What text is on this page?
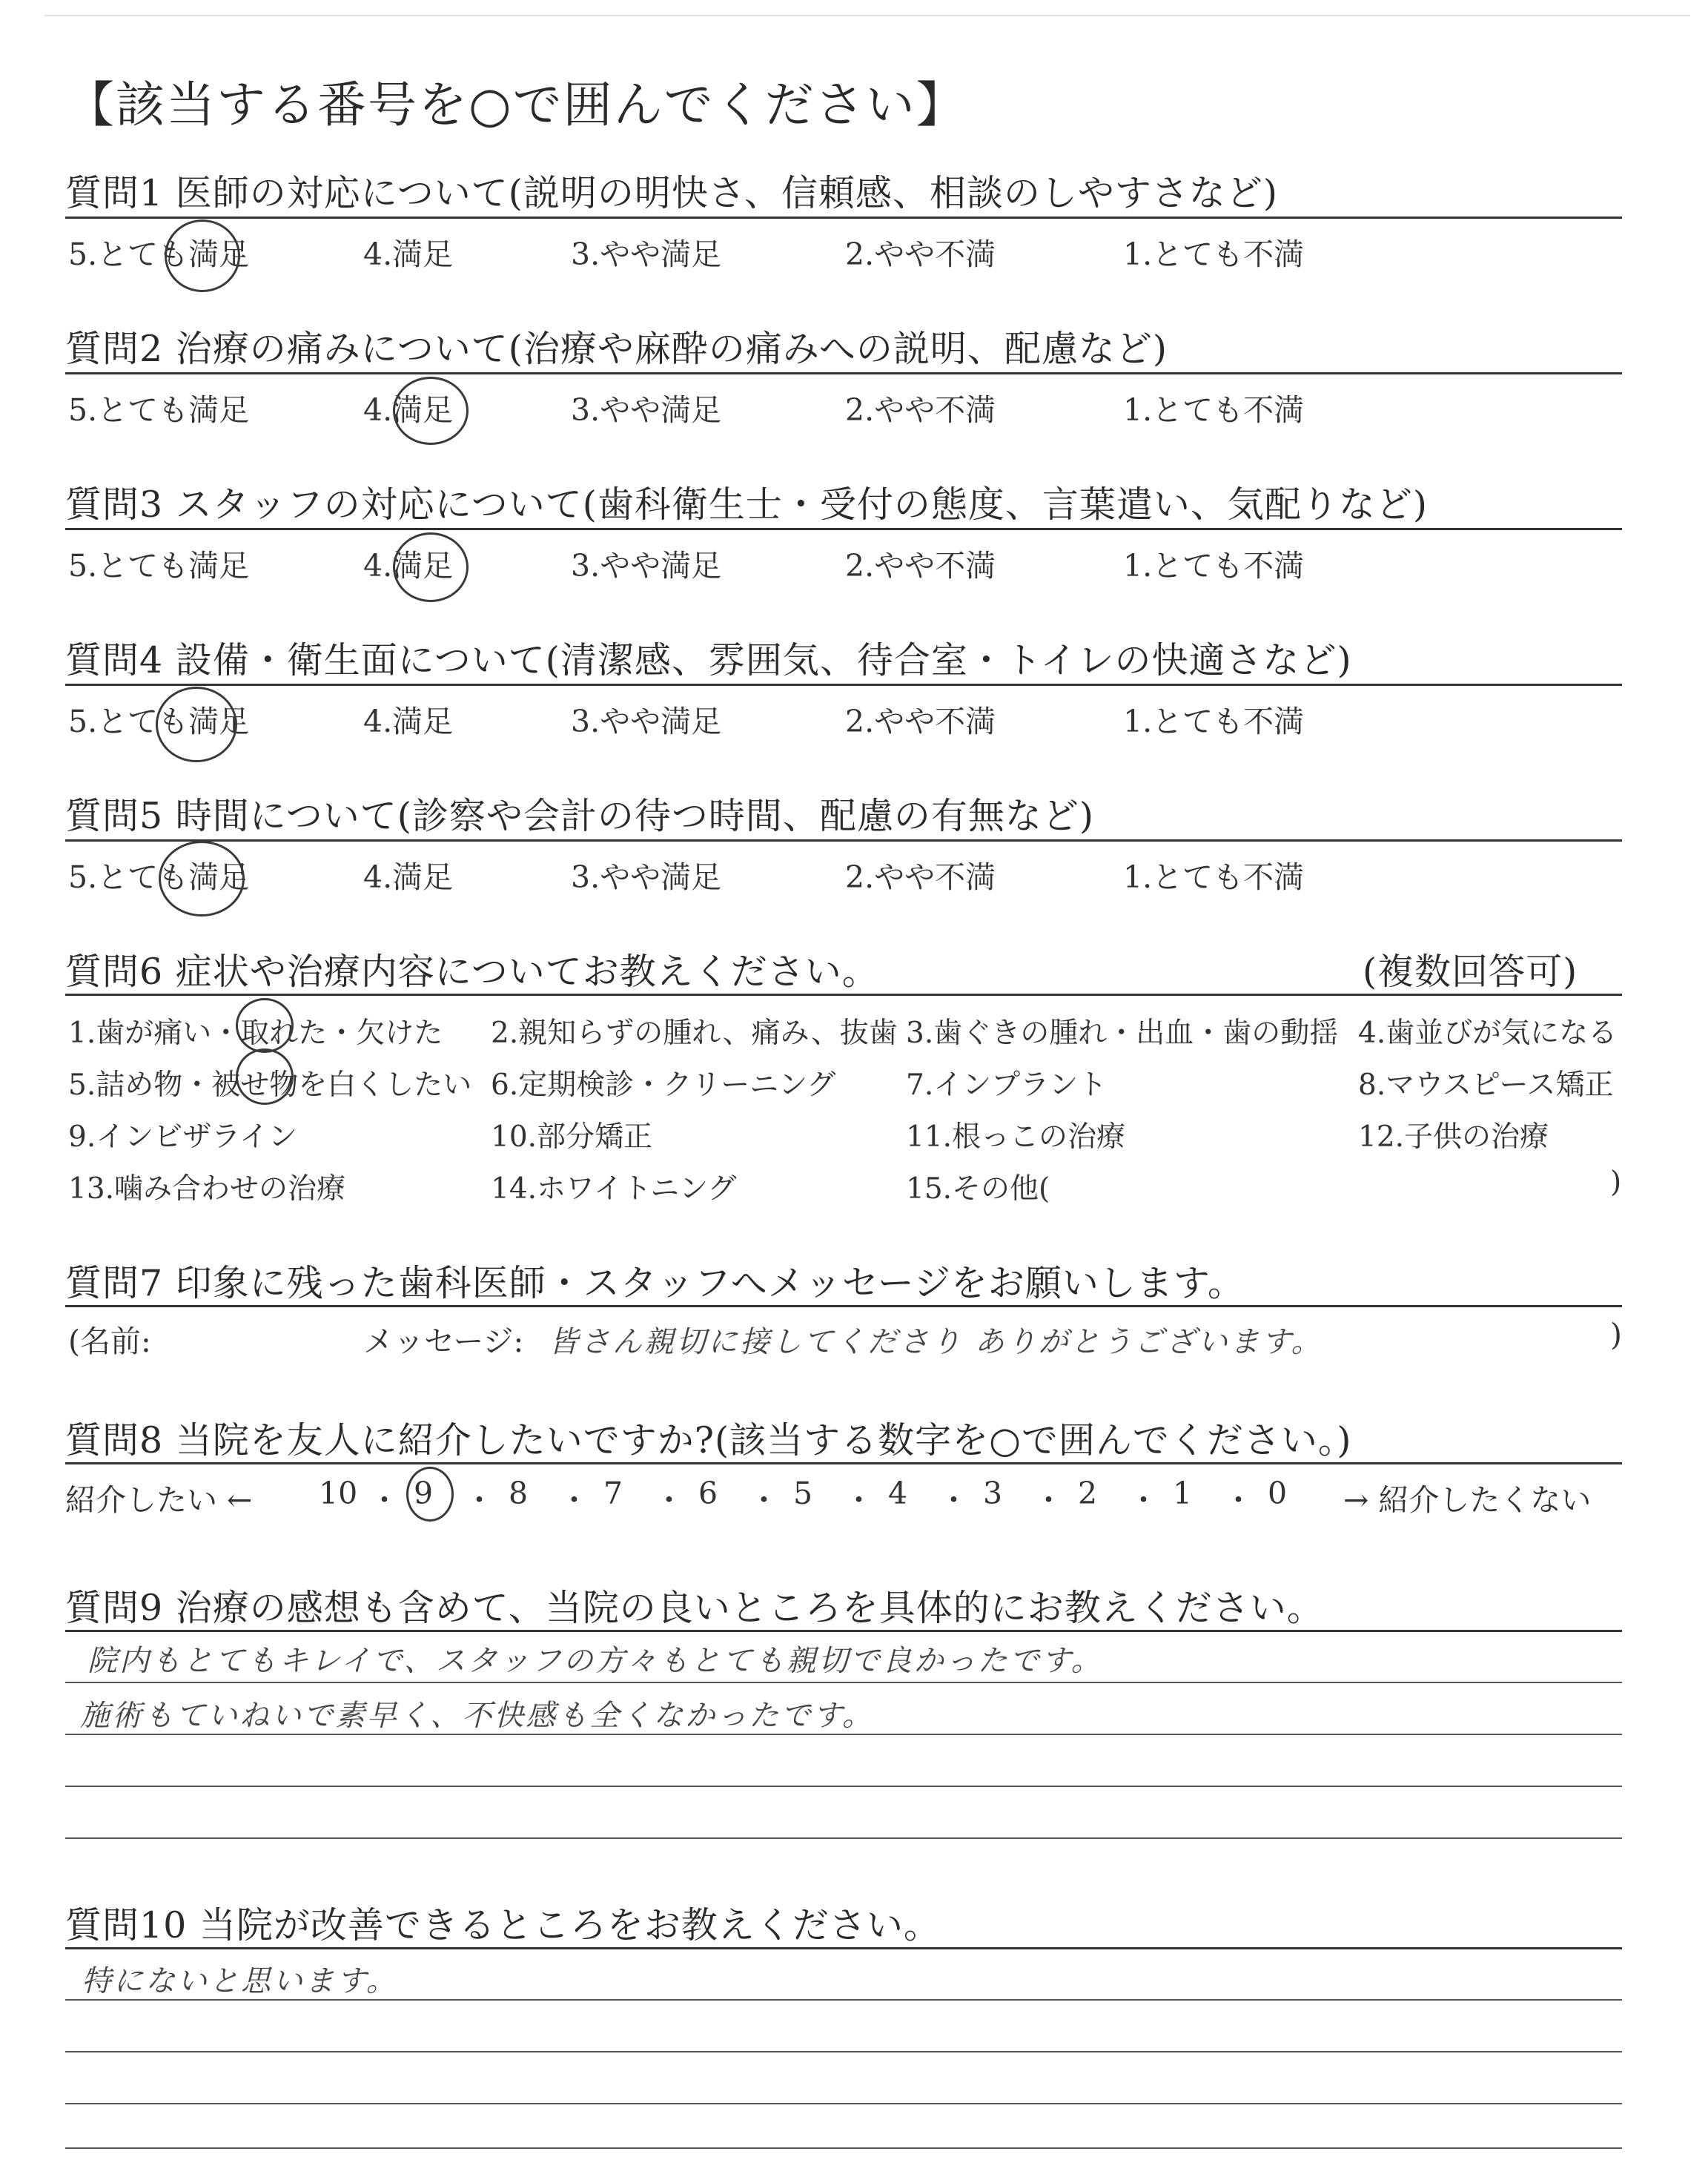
【該当する番号を○で囲んでください】
質問1 医師の対応について(説明の明快さ、信頼感、相談のしやすさなど)
5.とても満足	4.満足	3.やや満足	2.やや不満	1.とても不満
質問2 治療の痛みについて(治療や麻酔の痛みへの説明、配慮など)
5.とても満足	4.満足	3.やや満足	2.やや不満	1.とても不満
質問3 スタッフの対応について(歯科衛生士・受付の態度、言葉遣い、気配りなど)
5.とても満足	4.満足	3.やや満足	2.やや不満	1.とても不満
質問4 設備・衛生面について(清潔感、雰囲気、待合室・トイレの快適さなど)
5.とても満足	4.満足	3.やや満足	2.やや不満	1.とても不満
質問5 時間について(診察や会計の待つ時間、配慮の有無など)
5.とても満足	4.満足	3.やや満足	2.やや不満	1.とても不満
質問6 症状や治療内容についてお教えください。	(複数回答可)
1.歯が痛い・取れた・欠けた 2.親知らずの腫れ、痛み、抜歯 3.歯ぐきの腫れ・出血・歯の動揺 4.歯並びが気になる
5.詰め物・被せ物を白くしたい 6.定期検診・クリーニング 7.インプラント	8.マウスピース矯正
9.インビザライン	10.部分矯正	11.根っこの治療	12.子供の治療
13.噛み合わせの治療	14.ホワイトニング	15.その他(	)
質問7 印象に残った歯科医師・スタッフへメッセージをお願いします。
(名前:	メッセージ: 皆さん親切に接してくださり ありがとうございます。	)
質問8 当院を友人に紹介したいですか?(該当する数字を○で囲んでください。)
紹介したい ← 10 ・ 9 ・ 8 ・ 7 ・ 6 ・ 5 ・ 4 ・ 3 ・ 2 ・ 1 ・ 0 → 紹介したくない
質問9 治療の感想も含めて、当院の良いところを具体的にお教えください。
院内もとてもキレイで、スタッフの方々もとても親切で良かったです。
施術もていねいで素早く、不快感も全くなかったです。
質問10 当院が改善できるところをお教えください。
特にないと思います。
